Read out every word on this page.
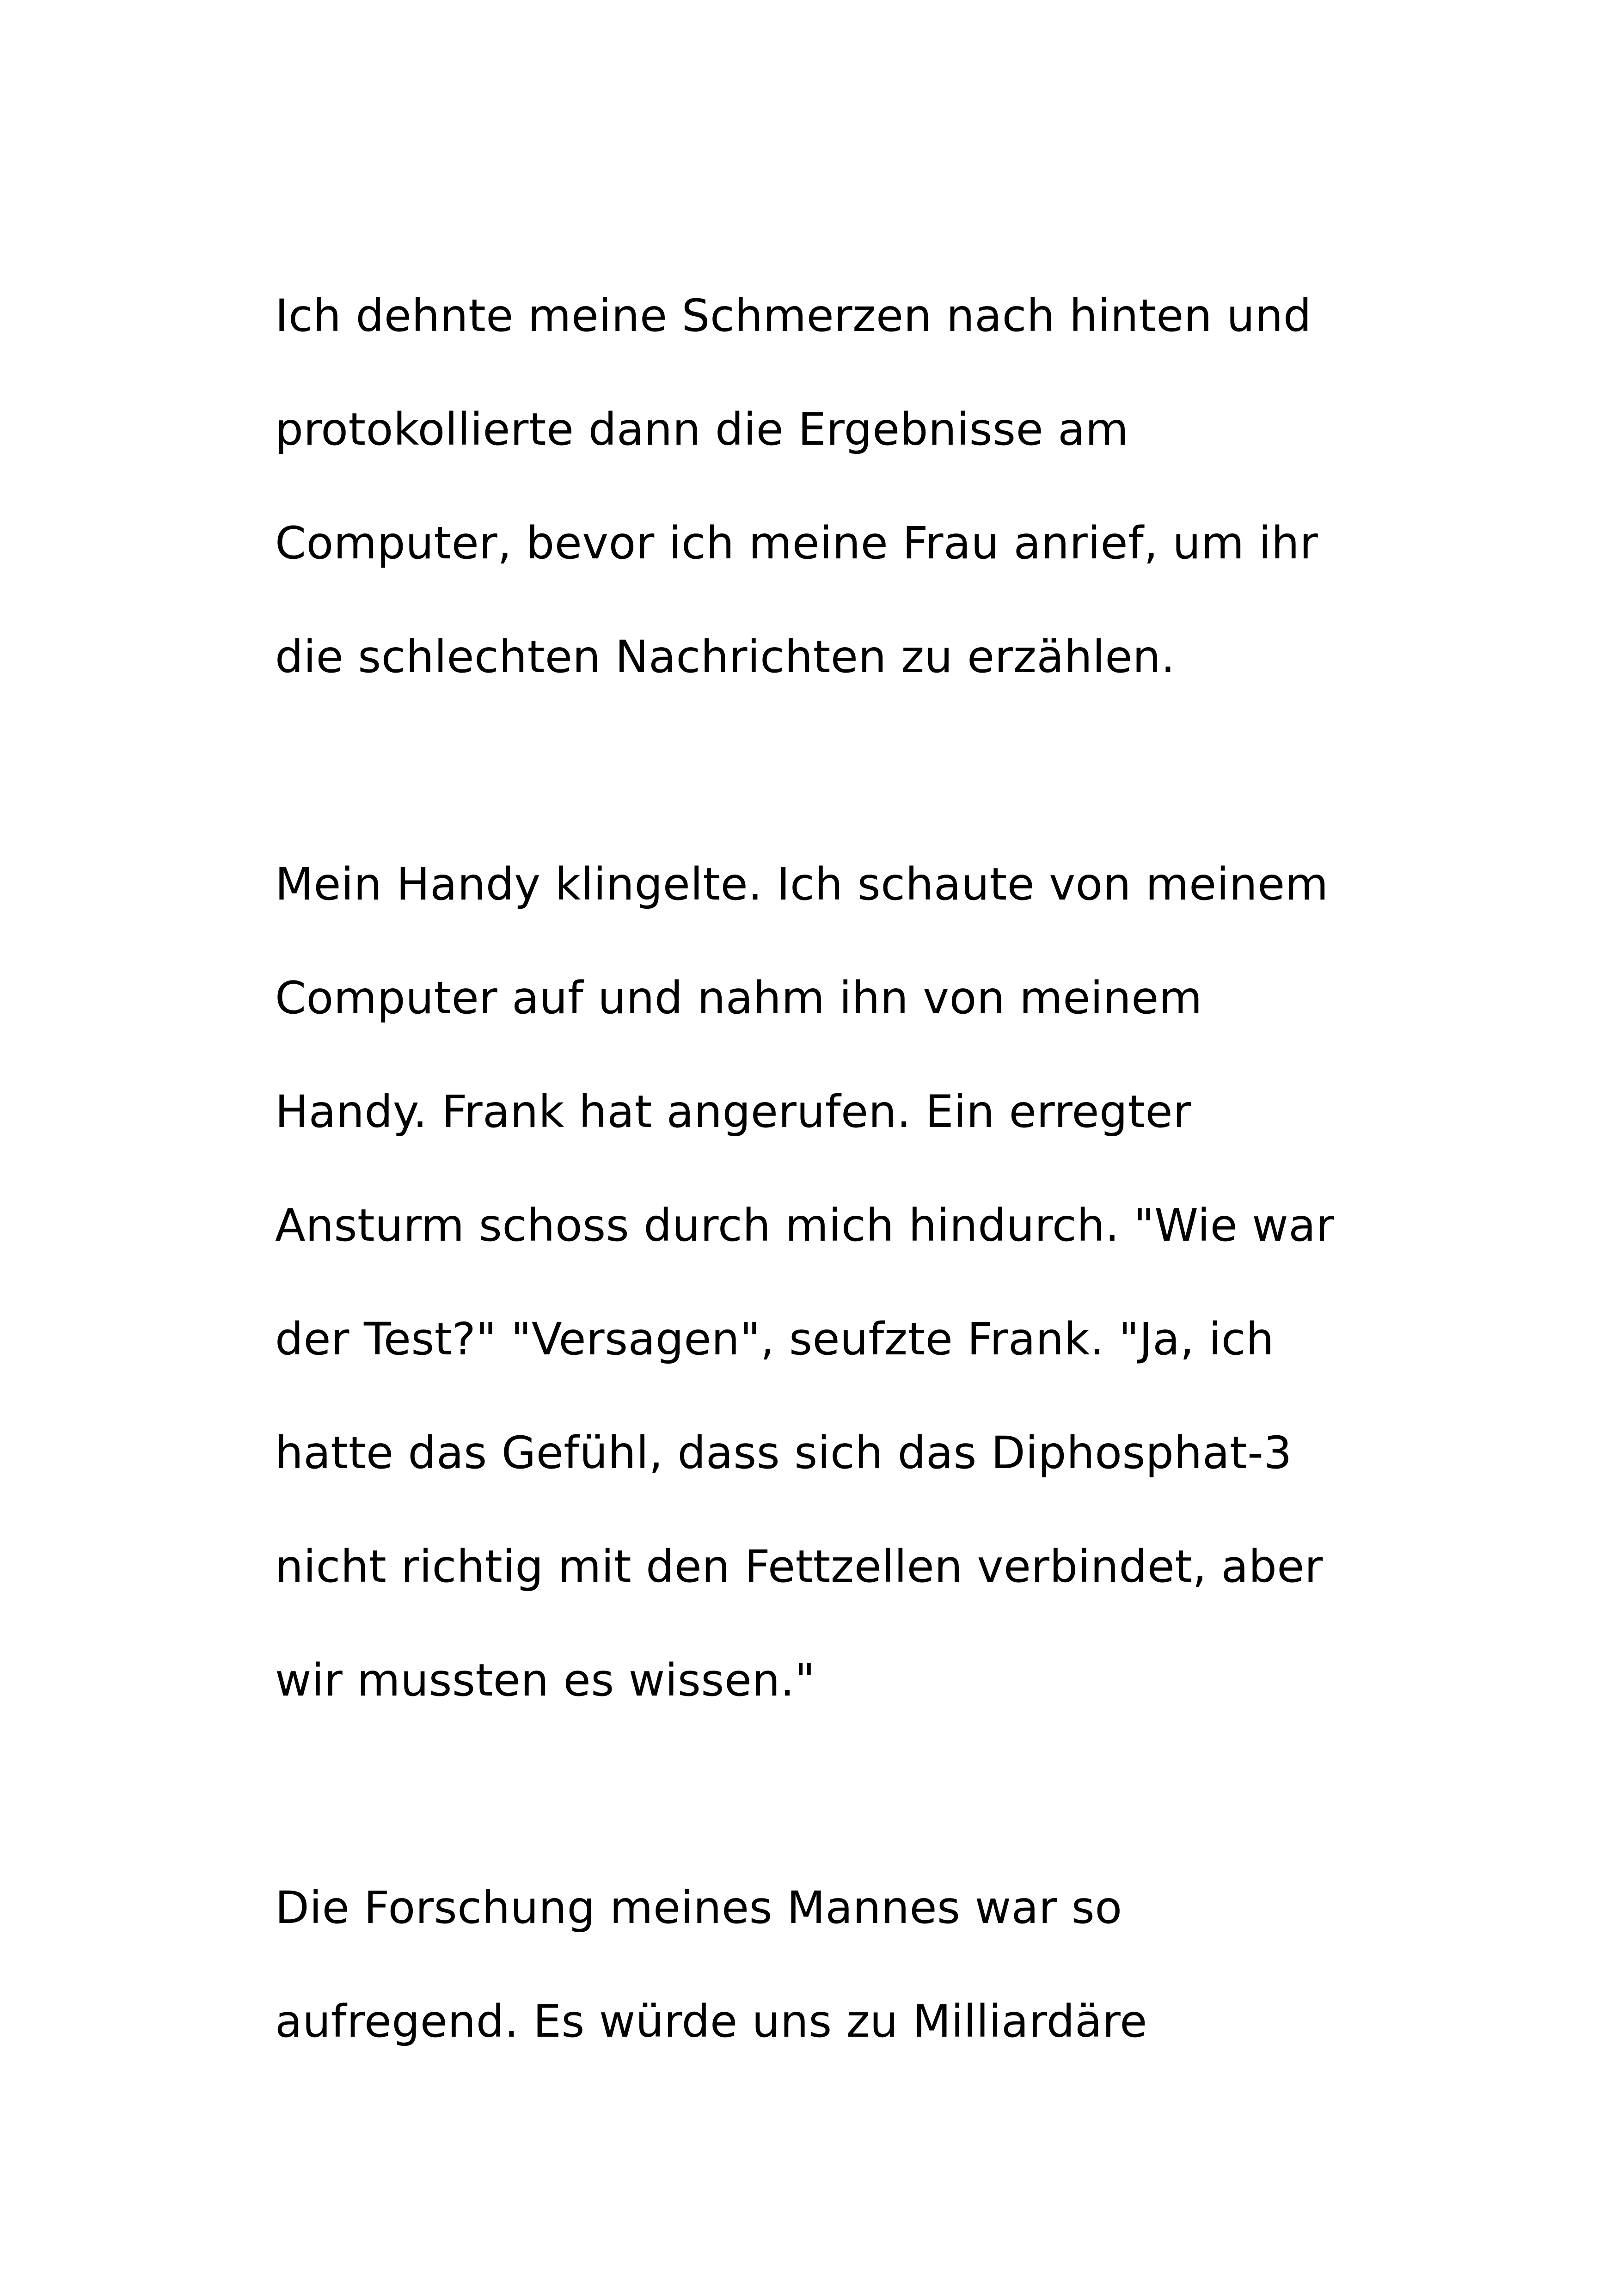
Ich dehnte meine Schmerzen nach hinten und
protokollierte dann die Ergebnisse am
Computer, bevor ich meine Frau anrief, um ihr
die schlechten Nachrichten zu erzählen.

Mein Handy klingelte. Ich schaute von meinem
Computer auf und nahm ihn von meinem
Handy. Frank hat angerufen. Ein erregter
Ansturm schoss durch mich hindurch. "Wie war
der Test?" "Versagen", seufzte Frank. "Ja, ich
hatte das Gefühl, dass sich das Diphosphat-3
nicht richtig mit den Fettzellen verbindet, aber
wir mussten es wissen."

Die Forschung meines Mannes war so
aufregend. Es würde uns zu Milliardäre
